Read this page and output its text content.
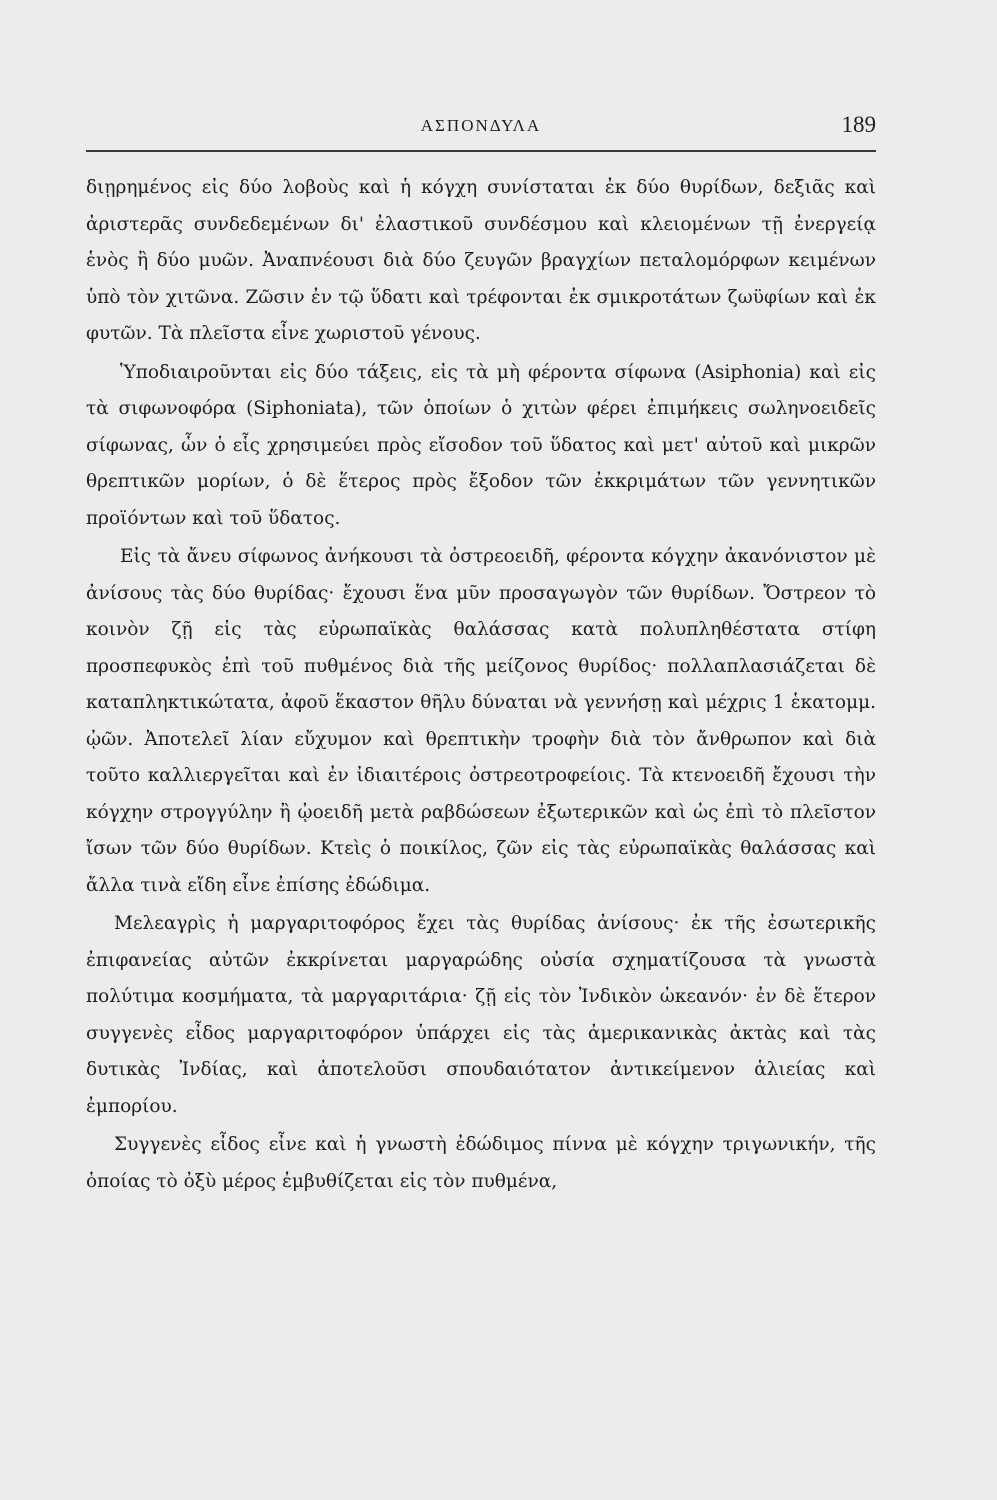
ΑΣΠΟΝΔΥΛΑ	189

διῃρημένος εἰς δύο λοβοὺς καὶ ἡ κόγχη συνίσταται ἐκ δύο θυρίδων, δεξιᾶς καὶ ἀριστερᾶς συνδεδεμένων δι' ἐλαστικοῦ συνδέσμου καὶ κλειομένων τῇ ἐνεργείᾳ ἑνὸς ἢ δύο μυῶν. Ἀναπνέουσι διὰ δύο ζευγῶν βραγχίων πεταλομόρφων κειμένων ὑπὸ τὸν χιτῶνα. Ζῶσιν ἐν τῷ ὕδατι καὶ τρέφονται ἐκ σμικροτάτων ζωϋφίων καὶ ἐκ φυτῶν. Τὰ πλεῖστα εἶνε χωριστοῦ γένους.

Ὑποδιαιροῦνται εἰς δύο τάξεις, εἰς τὰ μὴ φέροντα σίφωνα (Asiphonia) καὶ εἰς τὰ σιφωνοφόρα (Siphoniata), τῶν ὁποίων ὁ χιτὼν φέρει ἐπιμήκεις σωληνοειδεῖς σίφωνας, ὧν ὁ εἷς χρησιμεύει πρὸς εἴσοδον τοῦ ὕδατος καὶ μετ' αὐτοῦ καὶ μικρῶν θρεπτικῶν μορίων, ὁ δὲ ἕτερος πρὸς ἔξοδον τῶν ἐκκριμάτων τῶν γεννητικῶν προϊόντων καὶ τοῦ ὕδατος.

Εἰς τὰ ἄνευ σίφωνος ἀνήκουσι τὰ ὀστρεοειδῆ, φέροντα κόγχην ἀκανόνιστον μὲ ἀνίσους τὰς δύο θυρίδας· ἔχουσι ἕνα μῦν προσαγωγὸν τῶν θυρίδων. Ὄστρεον τὸ κοινὸν ζῇ εἰς τὰς εὐρωπαϊκὰς θαλάσσας κατὰ πολυπληθέστατα στίφη προσπεφυκὸς ἐπὶ τοῦ πυθμένος διὰ τῆς μείζονος θυρίδος· πολλαπλασιάζεται δὲ καταπληκτικώτατα, ἀφοῦ ἕκαστον θῆλυ δύναται νὰ γεννήσῃ καὶ μέχρις 1 ἑκατομμ. ᾠῶν. Ἀποτελεῖ λίαν εὔχυμον καὶ θρεπτικὴν τροφὴν διὰ τὸν ἄνθρωπον καὶ διὰ τοῦτο καλλιεργεῖται καὶ ἐν ἰδιαιτέροις ὀστρεοτροφείοις. Τὰ κτενοειδῆ ἔχουσι τὴν κόγχην στρογγύλην ἢ ᾠοειδῆ μετὰ ραβδώσεων ἐξωτερικῶν καὶ ὡς ἐπὶ τὸ πλεῖστον ἴσων τῶν δύο θυρίδων. Κτεὶς ὁ ποικίλος, ζῶν εἰς τὰς εὐρωπαϊκὰς θαλάσσας καὶ ἄλλα τινὰ εἴδη εἶνε ἐπίσης ἐδώδιμα.

Μελεαγρὶς ἡ μαργαριτοφόρος ἔχει τὰς θυρίδας ἀνίσους· ἐκ τῆς ἐσωτερικῆς ἐπιφανείας αὐτῶν ἐκκρίνεται μαργαρώδης οὐσία σχηματίζουσα τὰ γνωστὰ πολύτιμα κοσμήματα, τὰ μαργαριτάρια· ζῇ εἰς τὸν Ἰνδικὸν ὠκεανόν· ἐν δὲ ἕτερον συγγενὲς εἶδος μαργαριτοφόρον ὑπάρχει εἰς τὰς ἀμερικανικὰς ἀκτὰς καὶ τὰς δυτικὰς Ἰνδίας, καὶ ἀποτελοῦσι σπουδαιότατον ἀντικείμενον ἁλιείας καὶ ἐμπορίου.

Συγγενὲς εἶδος εἶνε καὶ ἡ γνωστὴ ἐδώδιμος πίννα μὲ κόγχην τριγωνικήν, τῆς ὁποίας τὸ ὀξὺ μέρος ἐμβυθίζεται εἰς τὸν πυθμένα,
